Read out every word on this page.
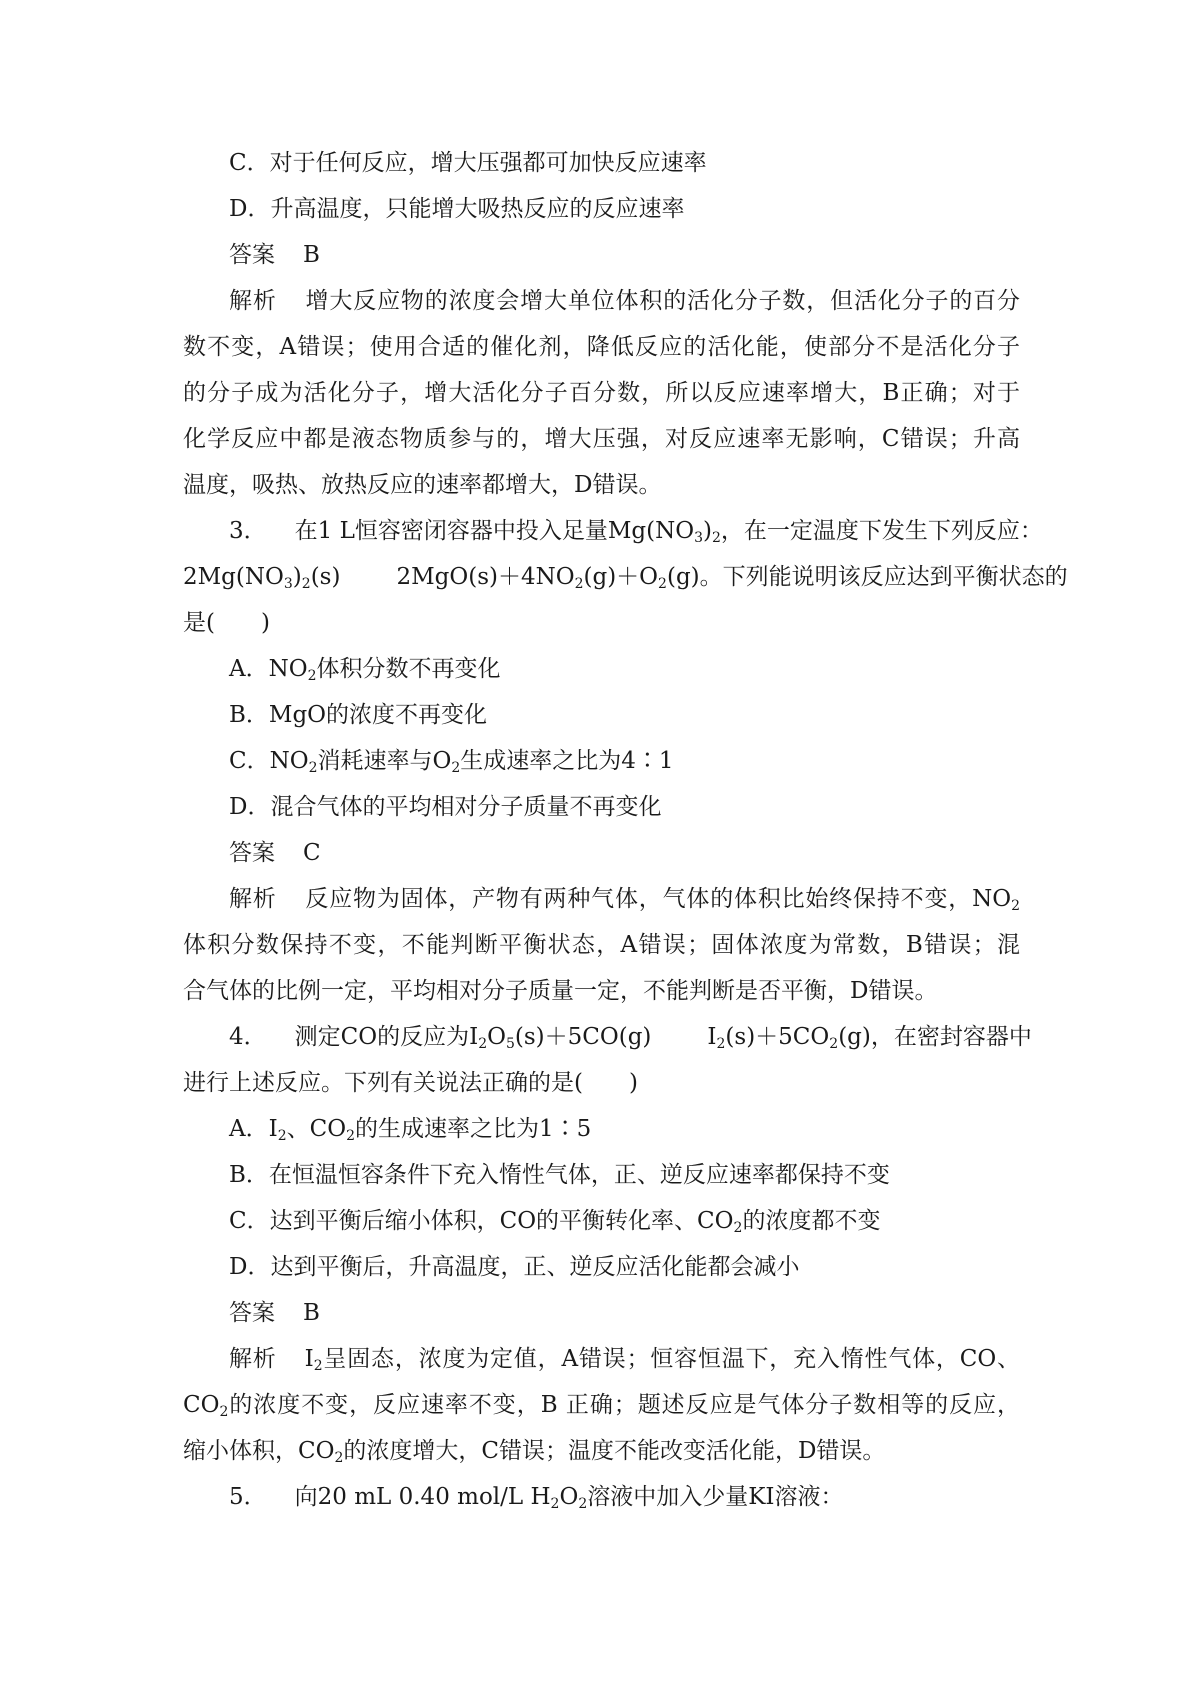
C．对于任何反应，增大压强都可加快反应速率
D．升高温度，只能增大吸热反应的反应速率
答案 B
解析 增大反应物的浓度会增大单位体积的活化分子数，但活化分子的百分
数不变，A错误；使用合适的催化剂，降低反应的活化能，使部分不是活化分子
的分子成为活化分子，增大活化分子百分数，所以反应速率增大，B正确；对于
化学反应中都是液态物质参与的，增大压强，对反应速率无影响，C错误；升高
温度，吸热、放热反应的速率都增大，D错误。
3． 在1 L恒容密闭容器中投入足量$Mg(NO_3)_2$，在一定温度下发生下列反应：
$2Mg(NO_3)_2(s)$ $2MgO(s)+4NO_2(g)+O_2(g)$。下列能说明该反应达到平衡状态的
是(　　)
A．$NO_2$体积分数不再变化
B．MgO的浓度不再变化
C．$NO_2$消耗速率与$O_2$生成速率之比为4∶1
D．混合气体的平均相对分子质量不再变化
答案 C
解析 反应物为固体，产物有两种气体，气体的体积比始终保持不变，$NO_2$
体积分数保持不变，不能判断平衡状态，A错误；固体浓度为常数，B错误；混
合气体的比例一定，平均相对分子质量一定，不能判断是否平衡，D错误。
4． 测定CO的反应为$I_2O_5(s)+5CO(g)$ $I_2(s)+5CO_2(g)$，在密封容器中
进行上述反应。下列有关说法正确的是(　　)
A．$I_2$、$CO_2$的生成速率之比为1∶5
B．在恒温恒容条件下充入惰性气体，正、逆反应速率都保持不变
C．达到平衡后缩小体积，CO的平衡转化率、$CO_2$的浓度都不变
D．达到平衡后，升高温度，正、逆反应活化能都会减小
答案 B
解析 $I_2$呈固态，浓度为定值，A错误；恒容恒温下，充入惰性气体，CO、
$CO_2$的浓度不变，反应速率不变，B 正确；题述反应是气体分子数相等的反应，
缩小体积，$CO_2$的浓度增大，C错误；温度不能改变活化能，D错误。
5． 向20 mL 0.40 mol/L $H_2O_2$溶液中加入少量KI溶液：
